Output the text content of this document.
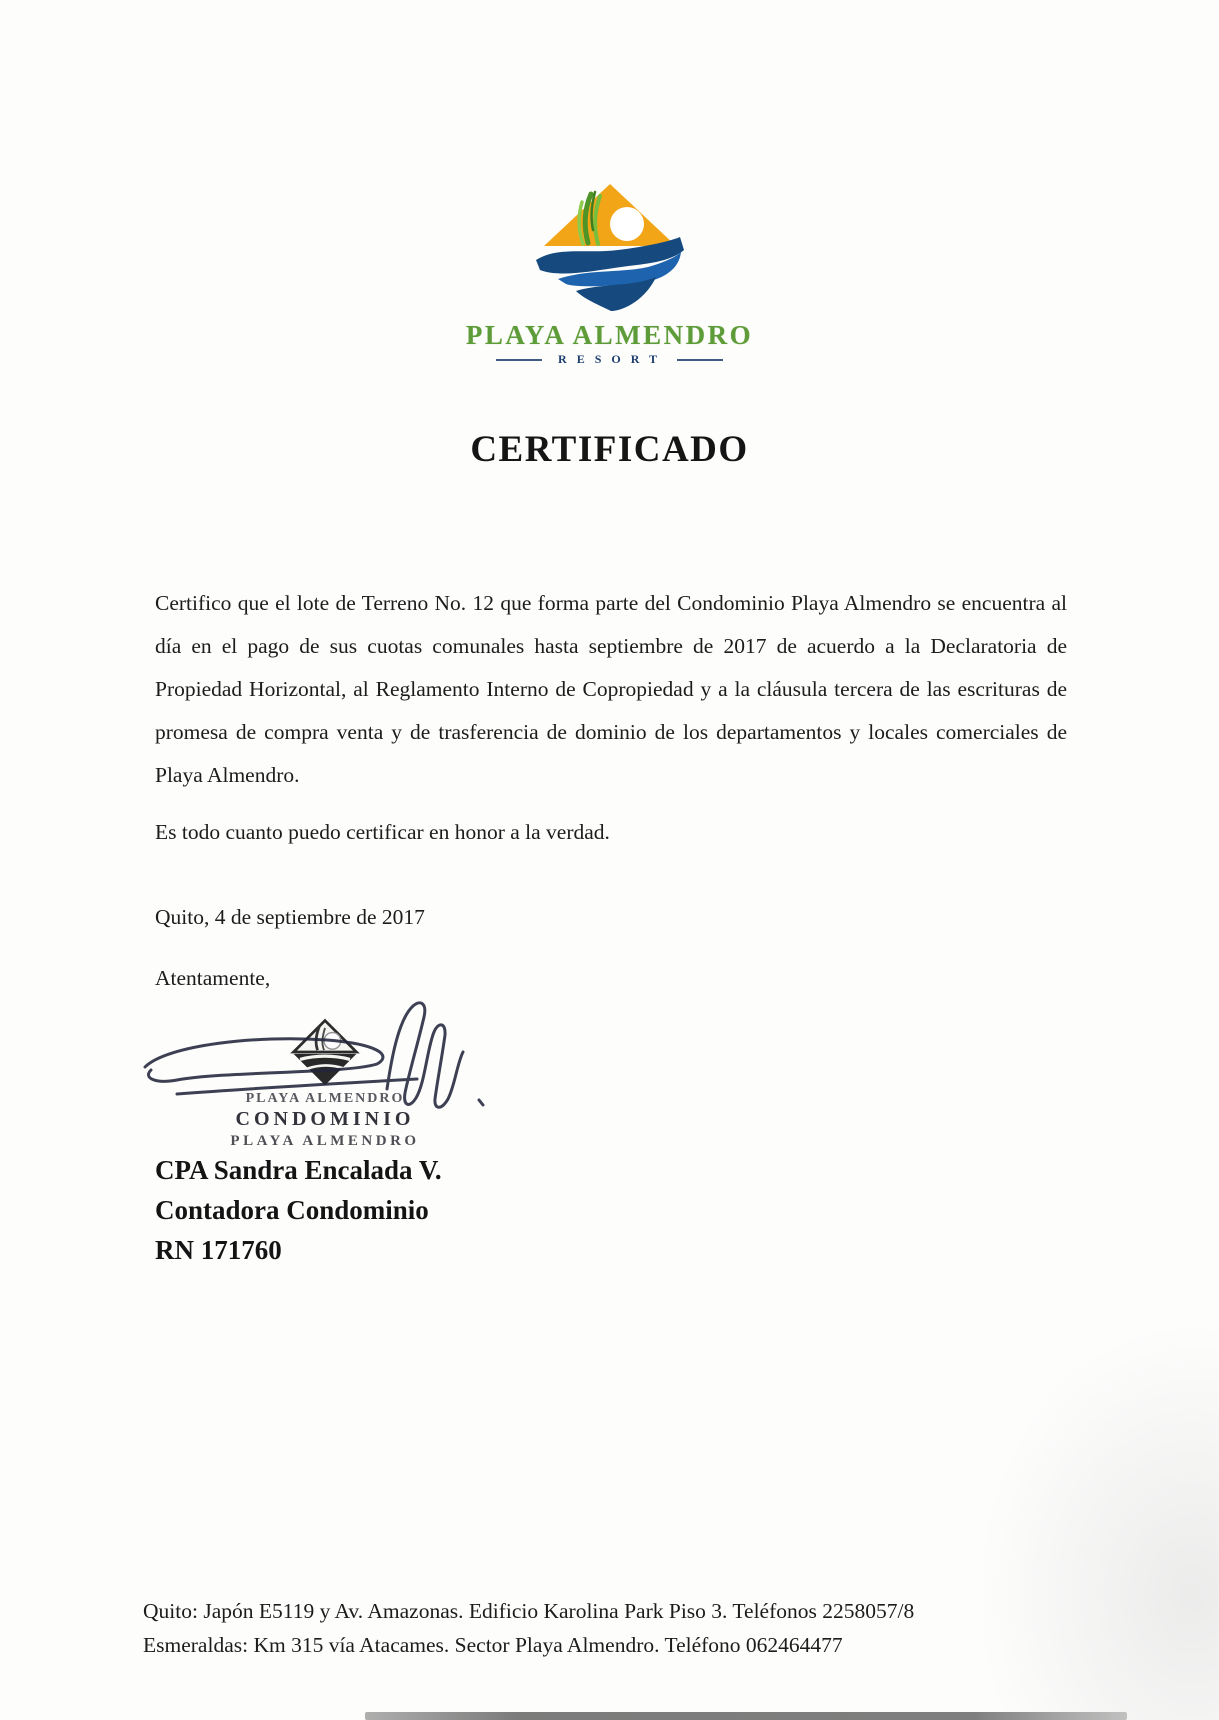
PLAYA ALMENDRO
RESORT
CERTIFICADO

Certifico que el lote de Terreno No. 12 que forma parte del Condominio Playa Almendro se encuentra al día en el pago de sus cuotas comunales hasta septiembre de 2017 de acuerdo a la Declaratoria de Propiedad Horizontal, al Reglamento Interno de Copropiedad y a la cláusula tercera de las escrituras de promesa de compra venta y de trasferencia de dominio de los departamentos y locales comerciales de Playa Almendro.

Es todo cuanto puedo certificar en honor a la verdad.
Quito, 4 de septiembre de 2017
Atentamente,
PLAYA ALMENDRO
CONDOMINIO
PLAYA ALMENDRO
CPA Sandra Encalada V.
Contadora Condominio
RN 171760
Quito: Japón E5119 y Av. Amazonas. Edificio Karolina Park Piso 3. Teléfonos 2258057/8
Esmeraldas: Km 315 vía Atacames. Sector Playa Almendro. Teléfono 062464477
